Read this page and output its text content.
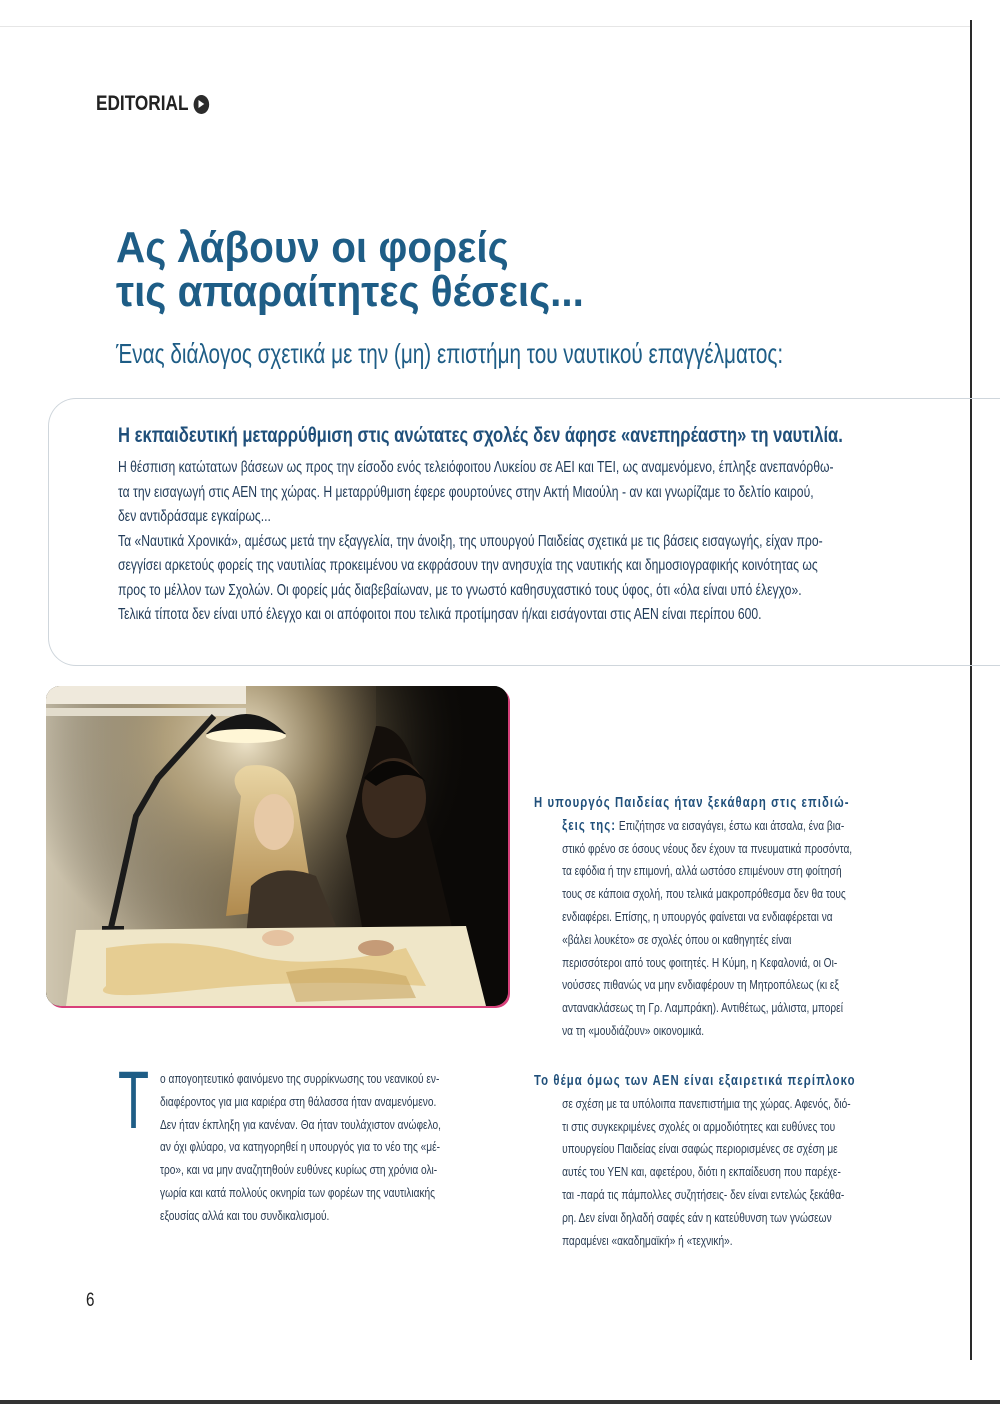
EDITORIAL
Ας λάβουν οι φορείς
τις απαραίτητες θέσεις...
Ένας διάλογος σχετικά με την (μη) επιστήμη του ναυτικού επαγγέλματος:
Η εκπαιδευτική μεταρρύθμιση στις ανώτατες σχολές δεν άφησε «ανεπηρέαστη» τη ναυτιλία.

Η θέσπιση κατώτατων βάσεων ως προς την είσοδο ενός τελειόφοιτου Λυκείου σε ΑΕΙ και ΤΕΙ, ως αναμενόμενο, έπληξε ανεπανόρθω-

τα την εισαγωγή στις ΑΕΝ της χώρας. Η μεταρρύθμιση έφερε φουρτούνες στην Ακτή Μιαούλη - αν και γνωρίζαμε το δελτίο καιρού,

δεν αντιδράσαμε εγκαίρως...

Τα «Ναυτικά Χρονικά», αμέσως μετά την εξαγγελία, την άνοιξη, της υπουργού Παιδείας σχετικά με τις βάσεις εισαγωγής, είχαν προ-

σεγγίσει αρκετούς φορείς της ναυτιλίας προκειμένου να εκφράσουν την ανησυχία της ναυτικής και δημοσιογραφικής κοινότητας ως

προς το μέλλον των Σχολών. Οι φορείς μάς διαβεβαίωναν, με το γνωστό καθησυχαστικό τους ύφος, ότι «όλα είναι υπό έλεγχο».

Τελικά τίποτα δεν είναι υπό έλεγχο και οι απόφοιτοι που τελικά προτίμησαν ή/και εισάγονται στις ΑΕΝ είναι περίπου 600.

Τ ο απογοητευτικό φαινόμενο της συρρίκνωσης του νεανικού εν-

διαφέροντος για μια καριέρα στη θάλασσα ήταν αναμενόμενο.

Δεν ήταν έκπληξη για κανέναν. Θα ήταν τουλάχιστον ανώφελο,

αν όχι φλύαρο, να κατηγορηθεί η υπουργός για το νέο της «μέ-

τρο», και να μην αναζητηθούν ευθύνες κυρίως στη χρόνια ολι-

γωρία και κατά πολλούς οκνηρία των φορέων της ναυτιλιακής

εξουσίας αλλά και του συνδικαλισμού.

Η υπουργός Παιδείας ήταν ξεκάθαρη στις επιδιώ-

ξεις της: Επιζήτησε να εισαγάγει, έστω και άτσαλα, ένα βια-

στικό φρένο σε όσους νέους δεν έχουν τα πνευματικά προσόντα,

τα εφόδια ή την επιμονή, αλλά ωστόσο επιμένουν στη φοίτησή

τους σε κάποια σχολή, που τελικά μακροπρόθεσμα δεν θα τους

ενδιαφέρει. Επίσης, η υπουργός φαίνεται να ενδιαφέρεται να

«βάλει λουκέτο» σε σχολές όπου οι καθηγητές είναι

περισσότεροι από τους φοιτητές. Η Κύμη, η Κεφαλονιά, οι Οι-

νούσσες πιθανώς να μην ενδιαφέρουν τη Μητροπόλεως (κι εξ

αντανακλάσεως τη Γρ. Λαμπράκη). Αντιθέτως, μάλιστα, μπορεί

να τη «μουδιάζουν» οικονομικά.

Το θέμα όμως των ΑΕΝ είναι εξαιρετικά περίπλοκο

σε σχέση με τα υπόλοιπα πανεπιστήμια της χώρας. Αφενός, διό-

τι στις συγκεκριμένες σχολές οι αρμοδιότητες και ευθύνες του

υπουργείου Παιδείας είναι σαφώς περιορισμένες σε σχέση με

αυτές του ΥΕΝ και, αφετέρου, διότι η εκπαίδευση που παρέχε-

ται -παρά τις πάμπολλες συζητήσεις- δεν είναι εντελώς ξεκάθα-

ρη. Δεν είναι δηλαδή σαφές εάν η κατεύθυνση των γνώσεων

παραμένει «ακαδημαϊκή» ή «τεχνική».

6
